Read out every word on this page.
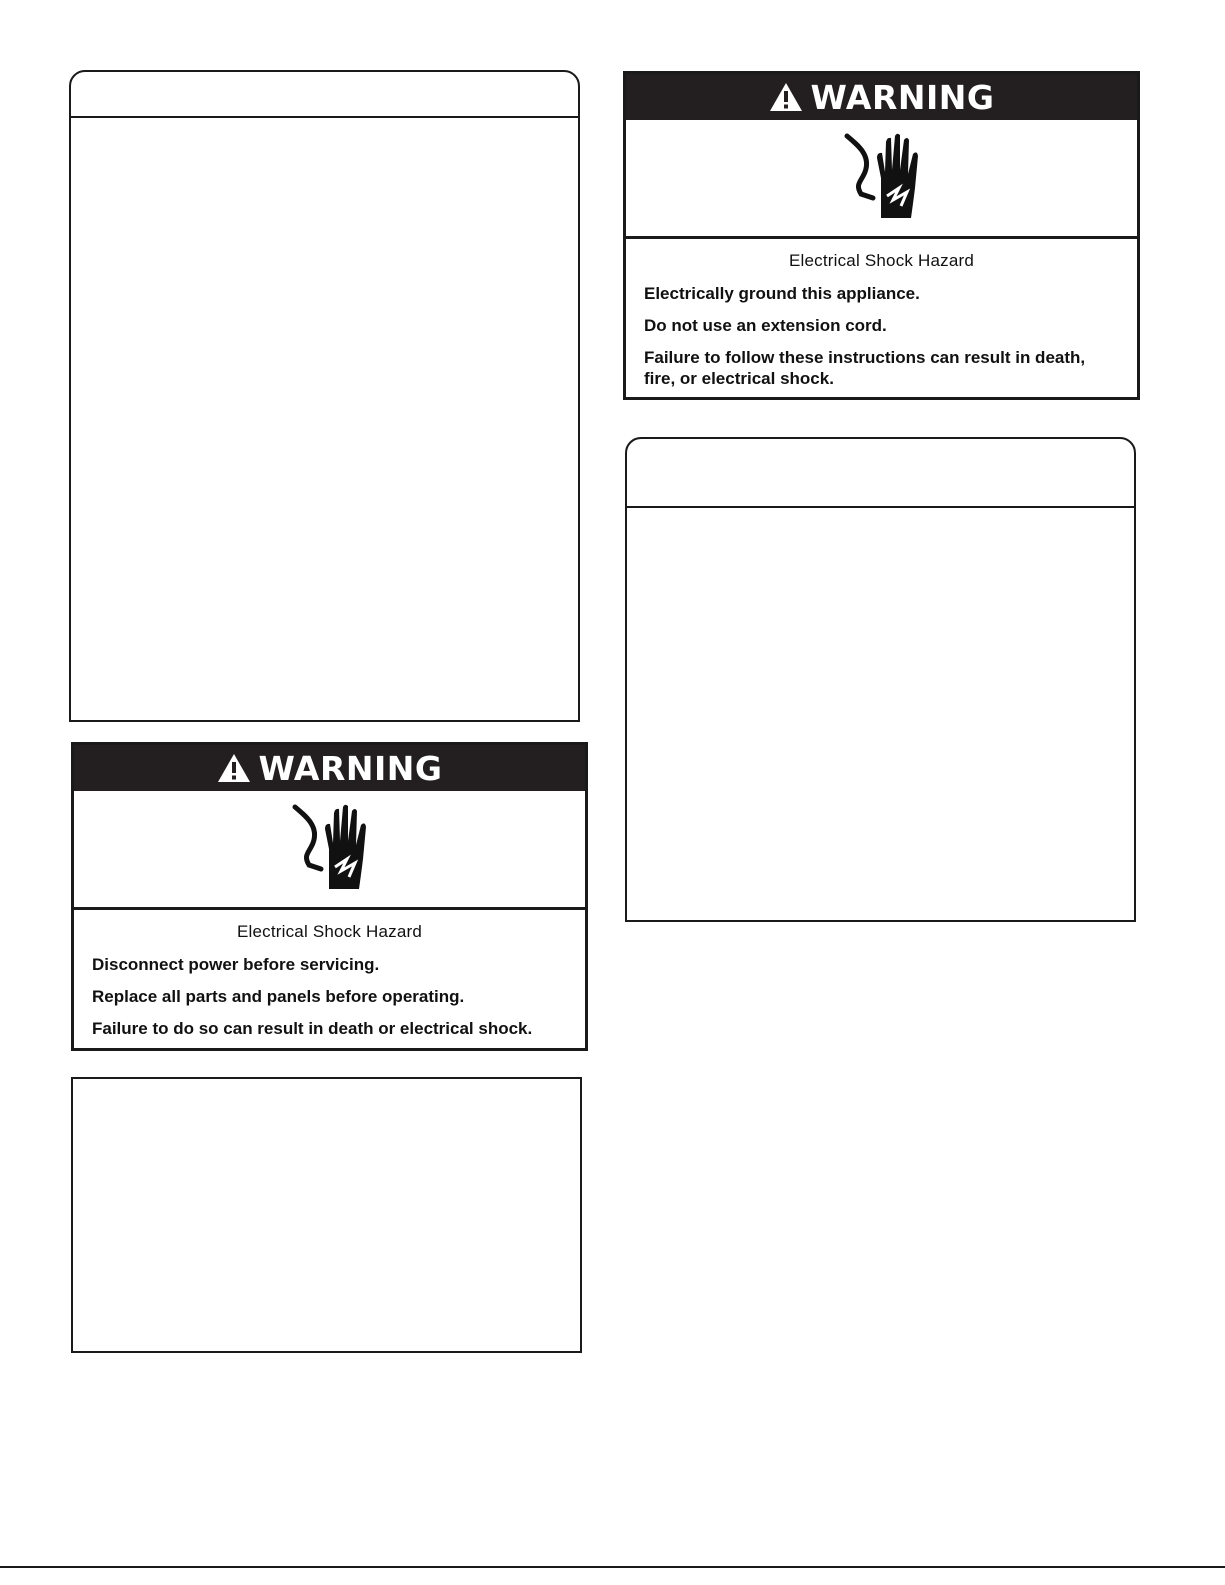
WARNING

Electrical Shock Hazard

Electrically ground this appliance.

Do not use an extension cord.

Failure to follow these instructions can result in death, fire, or electrical shock.

WARNING

Electrical Shock Hazard

Disconnect power before servicing.

Replace all parts and panels before operating.

Failure to do so can result in death or electrical shock.
